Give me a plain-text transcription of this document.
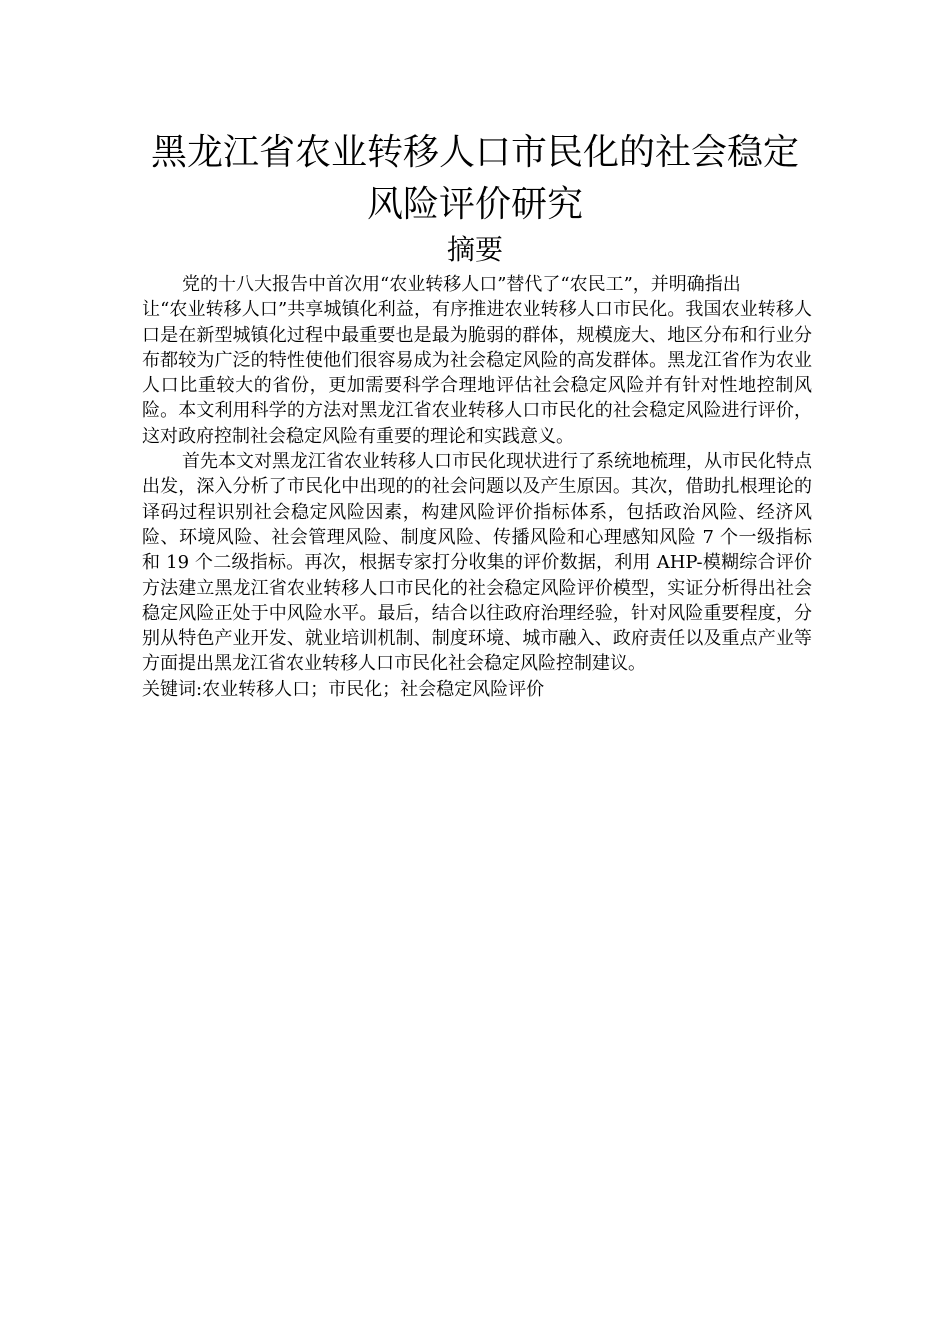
黑龙江省农业转移人口市民化的社会稳定
风险评价研究
摘要

党的十八大报告中首次用“农业转移人口”替代了“农民工”，并明确指出

让“农业转移人口”共享城镇化利益，有序推进农业转移人口市民化。我国农业转移人口是在新型城镇化过程中最重要也是最为脆弱的群体，规模庞大、地区分布和行业分布都较为广泛的特性使他们很容易成为社会稳定风险的高发群体。黑龙江省作为农业人口比重较大的省份，更加需要科学合理地评估社会稳定风险并有针对性地控制风险。本文利用科学的方法对黑龙江省农业转移人口市民化的社会稳定风险进行评价，这对政府控制社会稳定风险有重要的理论和实践意义。

首先本文对黑龙江省农业转移人口市民化现状进行了系统地梳理，从市民化特点出发，深入分析了市民化中出现的的社会问题以及产生原因。其次，借助扎根理论的译码过程识别社会稳定风险因素，构建风险评价指标体系，包括政治风险、经济风险、环境风险、社会管理风险、制度风险、传播风险和心理感知风险 7 个一级指标和 19 个二级指标。再次，根据专家打分收集的评价数据，利用 AHP-模糊综合评价方法建立黑龙江省农业转移人口市民化的社会稳定风险评价模型，实证分析得出社会稳定风险正处于中风险水平。最后，结合以往政府治理经验，针对风险重要程度，分别从特色产业开发、就业培训机制、制度环境、城市融入、政府责任以及重点产业等方面提出黑龙江省农业转移人口市民化社会稳定风险控制建议。

关键词:农业转移人口；市民化；社会稳定风险评价
